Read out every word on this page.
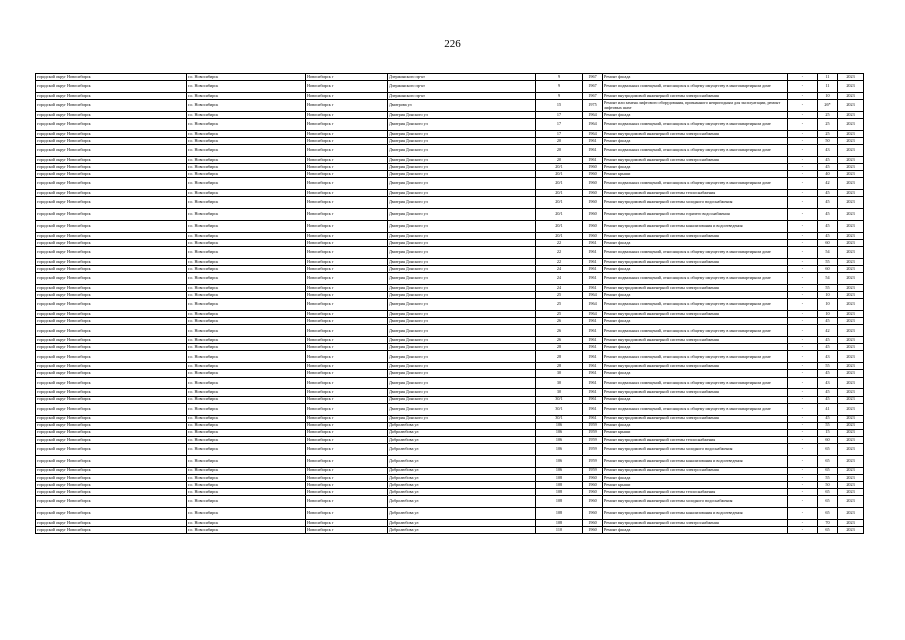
226
городской округ Новосибирск	г.о. Новосибирск	Новосибирск г	Дзержинского пр-кт	9	1967	Ремонт фасада	-	11	2023	
городской округ Новосибирск	г.о. Новосибирск	Новосибирск г	Дзержинского пр-кт	9	1967	Ремонт подвальных помещений, относящихся к общему имуществу в многоквартирном доме	-	11	2023	
городской округ Новосибирск	г.о. Новосибирск	Новосибирск г	Дзержинского пр-кт	9	1967	Ремонт внутридомовой инженерной системы электроснабжения	-	10	2023	
городской округ Новосибирск	г.о. Новосибирск	Новосибирск г	Дмитрова ул	15	1975	Ремонт или замена лифтового оборудования, признанного непригодным для эксплуатации, ремонт лифтовых шахт	-	26*	2023	
городской округ Новосибирск	г.о. Новосибирск	Новосибирск г	Дмитрия Донского ул	17	1964	Ремонт фасада	-	25	2023	
городской округ Новосибирск	г.о. Новосибирск	Новосибирск г	Дмитрия Донского ул	17	1964	Ремонт подвальных помещений, относящихся к общему имуществу в многоквартирном доме	-	25	2023	
городской округ Новосибирск	г.о. Новосибирск	Новосибирск г	Дмитрия Донского ул	17	1964	Ремонт внутридомовой инженерной системы электроснабжения	-	25	2023	
городской округ Новосибирск	г.о. Новосибирск	Новосибирск г	Дмитрия Донского ул	20	1961	Ремонт фасада	-	50	2023	
городской округ Новосибирск	г.о. Новосибирск	Новосибирск г	Дмитрия Донского ул	20	1961	Ремонт подвальных помещений, относящихся к общему имуществу в многоквартирном доме	-	43	2023	
городской округ Новосибирск	г.о. Новосибирск	Новосибирск г	Дмитрия Донского ул	20	1961	Ремонт внутридомовой инженерной системы электроснабжения	-	45	2023	
городской округ Новосибирск	г.о. Новосибирск	Новосибирск г	Дмитрия Донского ул	20/1	1960	Ремонт фасада	-	45	2023	
городской округ Новосибирск	г.о. Новосибирск	Новосибирск г	Дмитрия Донского ул	20/1	1960	Ремонт крыши	-	40	2023	
городской округ Новосибирск	г.о. Новосибирск	Новосибирск г	Дмитрия Донского ул	20/1	1960	Ремонт подвальных помещений, относящихся к общему имуществу в многоквартирном доме	-	42	2023	
городской округ Новосибирск	г.о. Новосибирск	Новосибирск г	Дмитрия Донского ул	20/1	1960	Ремонт внутридомовой инженерной системы теплоснабжения	-	45	2023	
городской округ Новосибирск	г.о. Новосибирск	Новосибирск г	Дмитрия Донского ул	20/1	1960	Ремонт внутридомовой инженерной системы холодного водоснабжения	-	45	2023	
городской округ Новосибирск	г.о. Новосибирск	Новосибирск г	Дмитрия Донского ул	20/1	1960	Ремонт внутридомовой инженерной системы горячего водоснабжения	-	45	2023	
городской округ Новосибирск	г.о. Новосибирск	Новосибирск г	Дмитрия Донского ул	20/1	1960	Ремонт внутридомовой инженерной системы канализования и водоотведения	-	45	2023	
городской округ Новосибирск	г.о. Новосибирск	Новосибирск г	Дмитрия Донского ул	20/1	1960	Ремонт внутридомовой инженерной системы электроснабжения	-	45	2023	
городской округ Новосибирск	г.о. Новосибирск	Новосибирск г	Дмитрия Донского ул	22	1961	Ремонт фасада	-	60	2023	
городской округ Новосибирск	г.о. Новосибирск	Новосибирск г	Дмитрия Донского ул	22	1961	Ремонт подвальных помещений, относящихся к общему имуществу в многоквартирном доме	-	54	2023	
городской округ Новосибирск	г.о. Новосибирск	Новосибирск г	Дмитрия Донского ул	22	1961	Ремонт внутридомовой инженерной системы электроснабжения	-	55	2023	
городской округ Новосибирск	г.о. Новосибирск	Новосибирск г	Дмитрия Донского ул	24	1961	Ремонт фасада	-	60	2023	
городской округ Новосибирск	г.о. Новосибирск	Новосибирск г	Дмитрия Донского ул	24	1961	Ремонт подвальных помещений, относящихся к общему имуществу в многоквартирном доме	-	54	2023	
городской округ Новосибирск	г.о. Новосибирск	Новосибирск г	Дмитрия Донского ул	24	1961	Ремонт внутридомовой инженерной системы электроснабжения	-	55	2023	
городской округ Новосибирск	г.о. Новосибирск	Новосибирск г	Дмитрия Донского ул	25	1964	Ремонт фасада	-	10	2023	
городской округ Новосибирск	г.о. Новосибирск	Новосибирск г	Дмитрия Донского ул	25	1964	Ремонт подвальных помещений, относящихся к общему имуществу в многоквартирном доме	-	10	2023	
городской округ Новосибирск	г.о. Новосибирск	Новосибирск г	Дмитрия Донского ул	25	1964	Ремонт внутридомовой инженерной системы электроснабжения	-	10	2023	
городской округ Новосибирск	г.о. Новосибирск	Новосибирск г	Дмитрия Донского ул	26	1961	Ремонт фасада	-	45	2023	
городской округ Новосибирск	г.о. Новосибирск	Новосибирск г	Дмитрия Донского ул	26	1961	Ремонт подвальных помещений, относящихся к общему имуществу в многоквартирном доме	-	42	2023	
городской округ Новосибирск	г.о. Новосибирск	Новосибирск г	Дмитрия Донского ул	26	1961	Ремонт внутридомовой инженерной системы электроснабжения	-	45	2023	
городской округ Новосибирск	г.о. Новосибирск	Новосибирск г	Дмитрия Донского ул	28	1961	Ремонт фасада	-	45	2023	
городской округ Новосибирск	г.о. Новосибирск	Новосибирск г	Дмитрия Донского ул	28	1961	Ремонт подвальных помещений, относящихся к общему имуществу в многоквартирном доме	-	43	2023	
городской округ Новосибирск	г.о. Новосибирск	Новосибирск г	Дмитрия Донского ул	28	1961	Ремонт внутридомовой инженерной системы электроснабжения	-	55	2023	
городской округ Новосибирск	г.о. Новосибирск	Новосибирск г	Дмитрия Донского ул	30	1961	Ремонт фасада	-	45	2023	
городской округ Новосибирск	г.о. Новосибирск	Новосибирск г	Дмитрия Донского ул	30	1961	Ремонт подвальных помещений, относящихся к общему имуществу в многоквартирном доме	-	43	2023	
городской округ Новосибирск	г.о. Новосибирск	Новосибирск г	Дмитрия Донского ул	30	1961	Ремонт внутридомовой инженерной системы электроснабжения	-	45	2023	
городской округ Новосибирск	г.о. Новосибирск	Новосибирск г	Дмитрия Донского ул	30/1	1961	Ремонт фасада	-	45	2023	
городской округ Новосибирск	г.о. Новосибирск	Новосибирск г	Дмитрия Донского ул	30/1	1961	Ремонт подвальных помещений, относящихся к общему имуществу в многоквартирном доме	-	41	2023	
городской округ Новосибирск	г.о. Новосибирск	Новосибирск г	Дмитрия Донского ул	30/1	1961	Ремонт внутридомовой инженерной системы электроснабжения	-	45	2023	
городской округ Новосибирск	г.о. Новосибирск	Новосибирск г	Добролюбова ул	106	1959	Ремонт фасада	-	55	2023	
городской округ Новосибирск	г.о. Новосибирск	Новосибирск г	Добролюбова ул	106	1959	Ремонт крыши	-	15	2023	
городской округ Новосибирск	г.о. Новосибирск	Новосибирск г	Добролюбова ул	106	1959	Ремонт внутридомовой инженерной системы теплоснабжения	-	60	2023	
городской округ Новосибирск	г.о. Новосибирск	Новосибирск г	Добролюбова ул	106	1959	Ремонт внутридомовой инженерной системы холодного водоснабжения	-	65	2023	
городской округ Новосибирск	г.о. Новосибирск	Новосибирск г	Добролюбова ул	106	1959	Ремонт внутридомовой инженерной системы канализования и водоотведения	-	65	2023	
городской округ Новосибирск	г.о. Новосибирск	Новосибирск г	Добролюбова ул	106	1959	Ремонт внутридомовой инженерной системы электроснабжения	-	65	2023	
городской округ Новосибирск	г.о. Новосибирск	Новосибирск г	Добролюбова ул	108	1960	Ремонт фасада	-	55	2023	
городской округ Новосибирск	г.о. Новосибирск	Новосибирск г	Добролюбова ул	108	1960	Ремонт крыши	-	50	2023	
городской округ Новосибирск	г.о. Новосибирск	Новосибирск г	Добролюбова ул	108	1960	Ремонт внутридомовой инженерной системы теплоснабжения	-	65	2023	
городской округ Новосибирск	г.о. Новосибирск	Новосибирск г	Добролюбова ул	108	1960	Ремонт внутридомовой инженерной системы холодного водоснабжения	-	65	2023	
городской округ Новосибирск	г.о. Новосибирск	Новосибирск г	Добролюбова ул	108	1960	Ремонт внутридомовой инженерной системы канализования и водоотведения	-	65	2023	
городской округ Новосибирск	г.о. Новосибирск	Новосибирск г	Добролюбова ул	108	1960	Ремонт внутридомовой инженерной системы электроснабжения	-	70	2023	
городской округ Новосибирск	г.о. Новосибирск	Новосибирск г	Добролюбова ул	110	1960	Ремонт фасада	-	65	2023	
